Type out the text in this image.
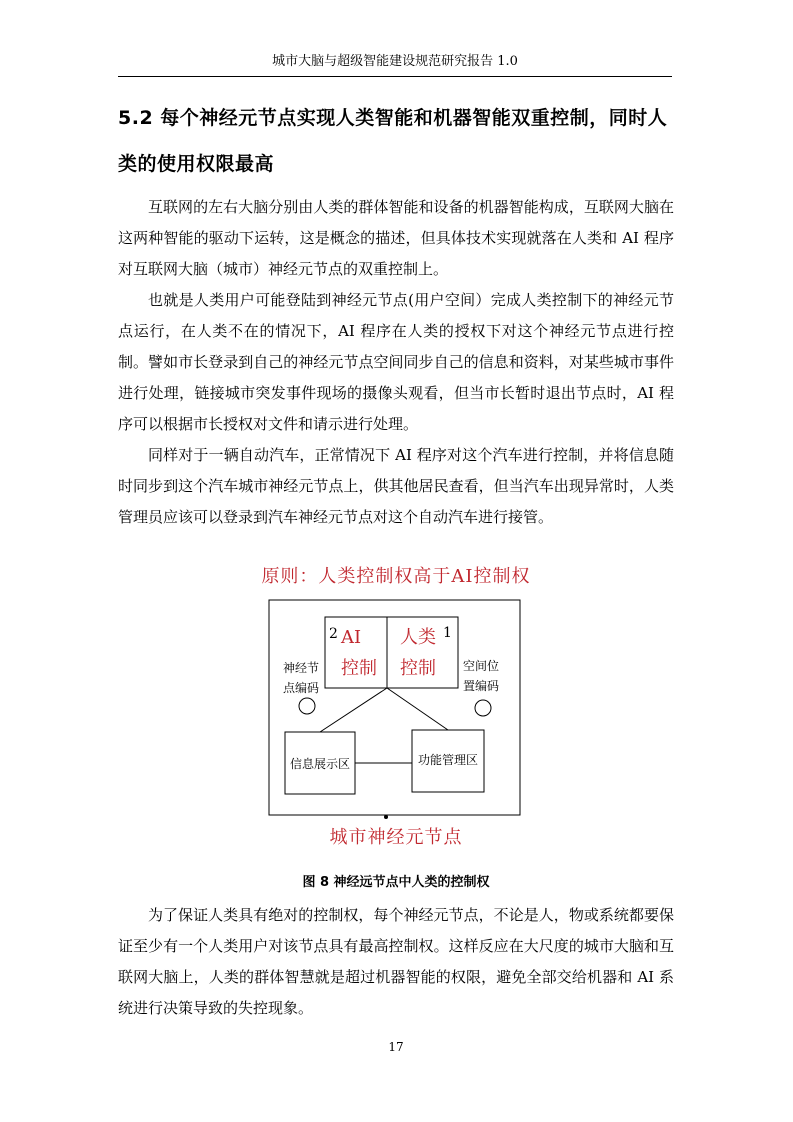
城市大脑与超级智能建设规范研究报告 1.0
5.2 每个神经元节点实现人类智能和机器智能双重控制，同时人类的使用权限最高
互联网的左右大脑分别由人类的群体智能和设备的机器智能构成，互联网大脑在这两种智能的驱动下运转，这是概念的描述，但具体技术实现就落在人类和 AI 程序对互联网大脑（城市）神经元节点的双重控制上。
也就是人类用户可能登陆到神经元节点(用户空间）完成人类控制下的神经元节点运行，在人类不在的情况下，AI 程序在人类的授权下对这个神经元节点进行控制。譬如市长登录到自己的神经元节点空间同步自己的信息和资料，对某些城市事件进行处理，链接城市突发事件现场的摄像头观看，但当市长暂时退出节点时，AI 程序可以根据市长授权对文件和请示进行处理。
同样对于一辆自动汽车，正常情况下 AI 程序对这个汽车进行控制，并将信息随时同步到这个汽车城市神经元节点上，供其他居民查看，但当汽车出现异常时，人类管理员应该可以登录到汽车神经元节点对这个自动汽车进行接管。
原则：人类控制权高于AI控制权
2 AI
控制
1
人类
控制
神经节
点编码
空间位
置编码
信息展示区	功能管理区
城市神经元节点
图 8 神经远节点中人类的控制权
为了保证人类具有绝对的控制权，每个神经元节点，不论是人，物或系统都要保证至少有一个人类用户对该节点具有最高控制权。这样反应在大尺度的城市大脑和互联网大脑上，人类的群体智慧就是超过机器智能的权限，避免全部交给机器和 AI 系统进行决策导致的失控现象。
17
